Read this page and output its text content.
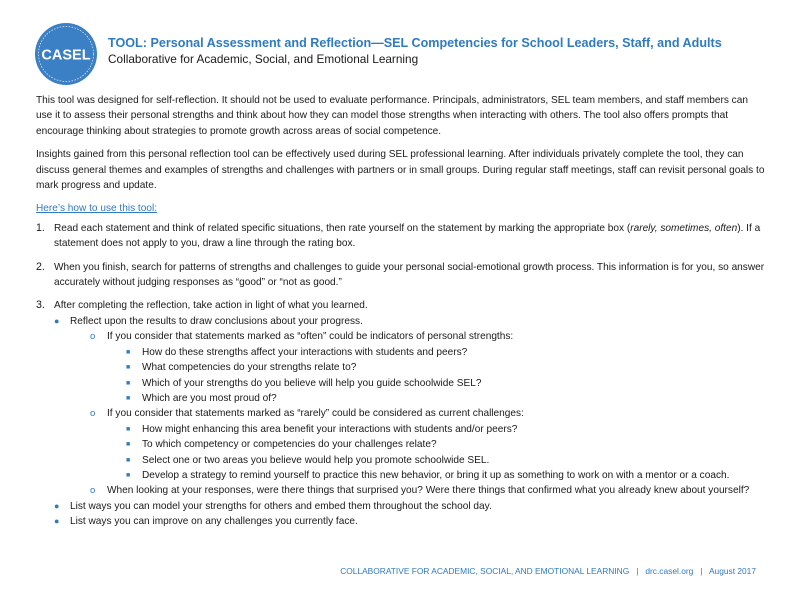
CASEL
TOOL: Personal Assessment and Reflection—SEL Competencies for School Leaders, Staff, and Adults
Collaborative for Academic, Social, and Emotional Learning

This tool was designed for self-reflection. It should not be used to evaluate performance. Principals, administrators, SEL team members, and staff members can use it to assess their personal strengths and think about how they can model those strengths when interacting with others. The tool also offers prompts that encourage thinking about strategies to promote growth across areas of social competence.

Insights gained from this personal reflection tool can be effectively used during SEL professional learning. After individuals privately complete the tool, they can discuss general themes and examples of strengths and challenges with partners or in small groups. During regular staff meetings, staff can revisit personal goals to mark progress and update.

Here’s how to use this tool:

1. Read each statement and think of related specific situations, then rate yourself on the statement by marking the appropriate box (rarely, sometimes, often). If a statement does not apply to you, draw a line through the rating box.
2. When you finish, search for patterns of strengths and challenges to guide your personal social-emotional growth process. This information is for you, so answer accurately without judging responses as “good” or “not as good.”
3. After completing the reflection, take action in light of what you learned.
●	Reflect upon the results to draw conclusions about your progress.
o	If you consider that statements marked as “often” could be indicators of personal strengths:
■	How do these strengths affect your interactions with students and peers?
■	What competencies do your strengths relate to?
■	Which of your strengths do you believe will help you guide schoolwide SEL?
■	Which are you most proud of?
o	If you consider that statements marked as “rarely” could be considered as current challenges:
■	How might enhancing this area benefit your interactions with students and/or peers?
■	To which competency or competencies do your challenges relate?
■	Select one or two areas you believe would help you promote schoolwide SEL.
■	Develop a strategy to remind yourself to practice this new behavior, or bring it up as something to work on with a mentor or a coach.
o	When looking at your responses, were there things that surprised you? Were there things that confirmed what you already knew about yourself?
●	List ways you can model your strengths for others and embed them throughout the school day.
●	List ways you can improve on any challenges you currently face.
COLLABORATIVE FOR ACADEMIC, SOCIAL, AND EMOTIONAL LEARNING   |   drc.casel.org   |   August 2017
